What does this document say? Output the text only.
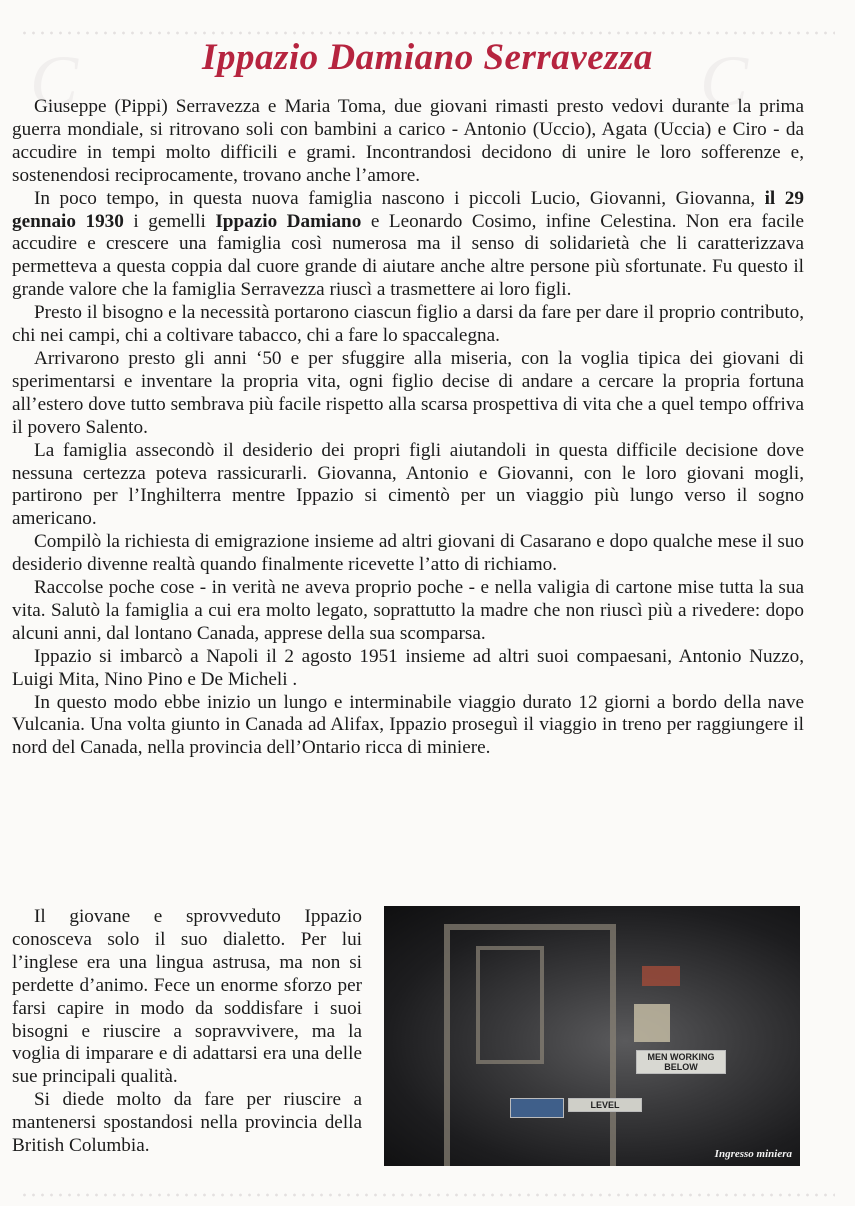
C	C
Ippazio Damiano Serravezza

Giuseppe (Pippi) Serravezza e Maria Toma, due giovani rimasti presto vedovi durante la prima guerra mondiale, si ritrovano soli con bambini a carico - Antonio (Uccio), Agata (Uccia) e Ciro - da accudire in tempi molto difficili e grami. Incontrandosi decidono di unire le loro sofferenze e, sostenendosi reciprocamente, trovano anche l’amore.

In poco tempo, in questa nuova famiglia nascono i piccoli Lucio, Giovanni, Giovanna, il 29 gennaio 1930 i gemelli Ippazio Damiano e Leonardo Cosimo, infine Celestina. Non era facile accudire e crescere una famiglia così numerosa ma il senso di solidarietà che li caratterizzava permetteva a questa coppia dal cuore grande di aiutare anche altre persone più sfortunate. Fu questo il grande valore che la famiglia Serravezza riuscì a trasmettere ai loro figli.

Presto il bisogno e la necessità portarono ciascun figlio a darsi da fare per dare il proprio contributo, chi nei campi, chi a coltivare tabacco, chi a fare lo spaccalegna.

Arrivarono presto gli anni ‘50 e per sfuggire alla miseria, con la voglia tipica dei giovani di sperimentarsi e inventare la propria vita, ogni figlio decise di andare a cercare la propria fortuna all’estero dove tutto sembrava più facile rispetto alla scarsa prospettiva di vita che a quel tempo offriva il povero Salento.

La famiglia assecondò il desiderio dei propri figli aiutandoli in questa difficile decisione dove nessuna certezza poteva rassicurarli. Giovanna, Antonio e Giovanni, con le loro giovani mogli, partirono per l’Inghilterra mentre Ippazio si cimentò per un viaggio più lungo verso il sogno americano.

Compilò la richiesta di emigrazione insieme ad altri giovani di Casarano e dopo qualche mese il suo desiderio divenne realtà quando finalmente ricevette l’atto di richiamo.

Raccolse poche cose - in verità ne aveva proprio poche - e nella valigia di cartone mise tutta la sua vita. Salutò la famiglia a cui era molto legato, soprattutto la madre che non riuscì più a rivedere: dopo alcuni anni, dal lontano Canada, apprese della sua scomparsa.

Ippazio si imbarcò a Napoli il 2 agosto 1951 insieme ad altri suoi compaesani, Antonio Nuzzo, Luigi Mita, Nino Pino e De Micheli .

In questo modo ebbe inizio un lungo e interminabile viaggio durato 12 giorni a bordo della nave Vulcania. Una volta giunto in Canada ad Alifax, Ippazio proseguì il viaggio in treno per raggiungere il nord del Canada, nella provincia dell’Ontario ricca di miniere.

Il giovane e sprovveduto Ippazio conosceva solo il suo dialetto. Per lui l’inglese era una lingua astrusa, ma non si perdette d’animo. Fece un enorme sforzo per farsi capire in modo da soddisfare i suoi bisogni e riuscire a sopravvivere, ma la voglia di imparare e di adattarsi era una delle sue principali qualità.

Si diede molto da fare per riuscire a mantenersi spostandosi nella provincia della British Columbia.

MEN WORKING BELOW
LEVEL
Ingresso miniera
